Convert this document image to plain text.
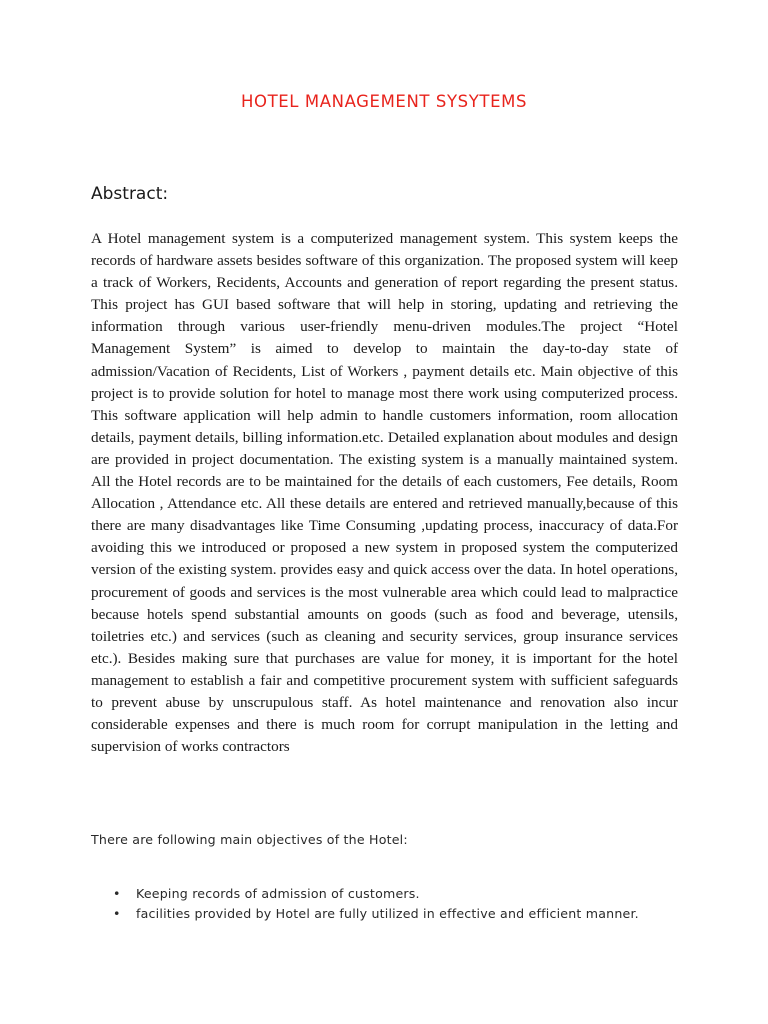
HOTEL MANAGEMENT SYSYTEMS
Abstract:

A Hotel management system is a computerized management system. This system keeps the records of hardware assets besides software of this organization. The proposed system will keep a track of Workers, Recidents, Accounts and generation of report regarding the present status. This project has GUI based software that will help in storing, updating and retrieving the information through various user-friendly menu-driven modules.The project “Hotel Management System” is aimed to develop to maintain the day-to-day state of admission/Vacation of Recidents, List of Workers , payment details etc. Main objective of this project is to provide solution for hotel to manage most there work using computerized process. This software application will help admin to handle customers information, room allocation details, payment details, billing information.etc. Detailed explanation about modules and design are provided in project documentation. The existing system is a manually maintained system. All the Hotel records are to be maintained for the details of each customers, Fee details, Room Allocation , Attendance etc. All these details are entered and retrieved manually,because of this there are many disadvantages like Time Consuming ,updating process, inaccuracy of data.For avoiding this we introduced or proposed a new system in proposed system the computerized version of the existing system. provides easy and quick access over the data. In hotel operations, procurement of goods and services is the most vulnerable area which could lead to malpractice because hotels spend substantial amounts on goods (such as food and beverage, utensils, toiletries etc.) and services (such as cleaning and security services, group insurance services etc.). Besides making sure that purchases are value for money, it is important for the hotel management to establish a fair and competitive procurement system with sufficient safeguards to prevent abuse by unscrupulous staff. As hotel maintenance and renovation also incur considerable expenses and there is much room for corrupt manipulation in the letting and supervision of works contractors

There are following main objectives of the Hotel:

• Keeping records of admission of customers.
• facilities provided by Hotel are fully utilized in effective and efficient manner.
